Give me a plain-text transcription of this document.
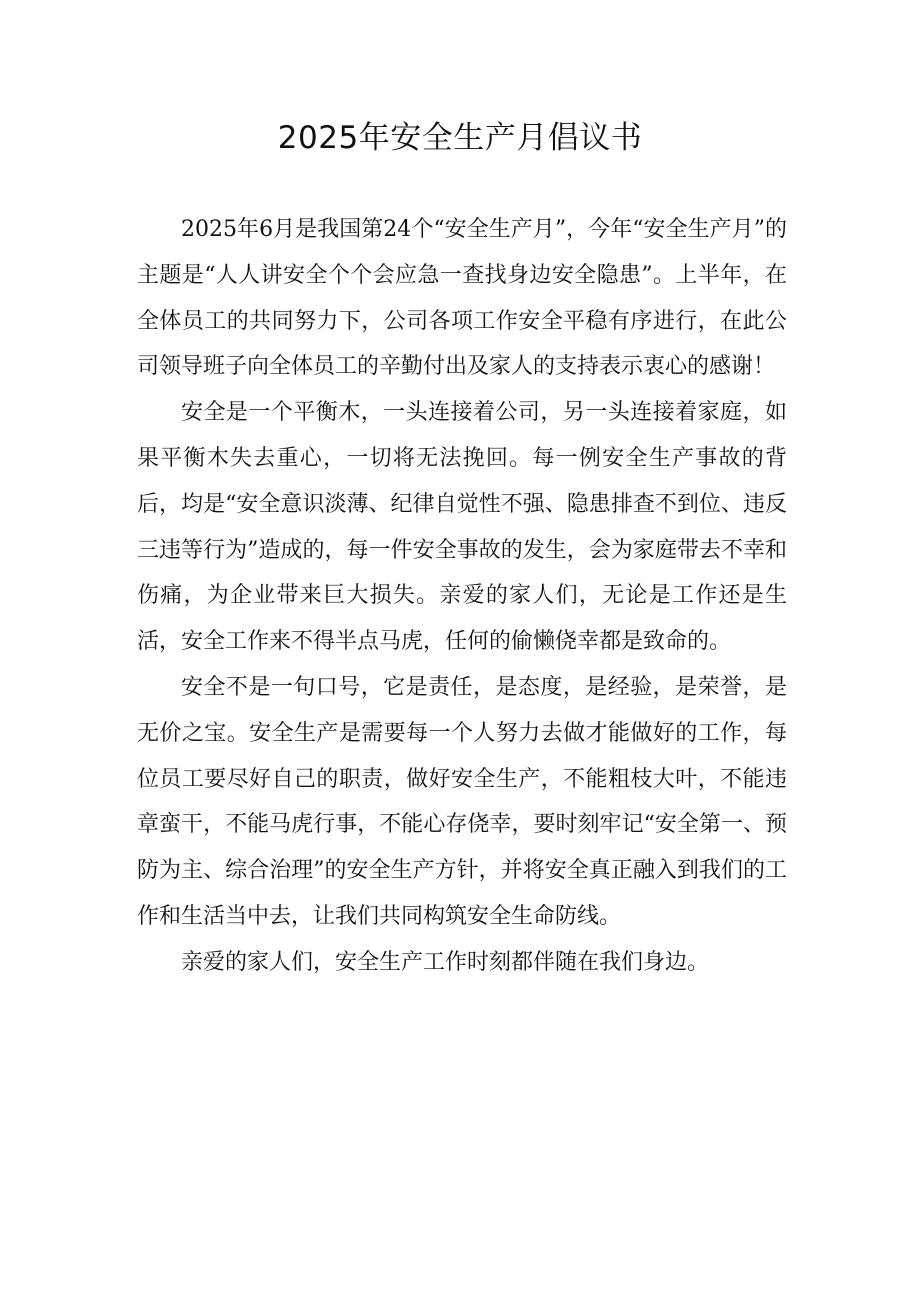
2025年安全生产月倡议书

2025年6月是我国第24个“安全生产月”，今年“安全生产月”的主题是“人人讲安全个个会应急一查找身边安全隐患”。上半年，在全体员工的共同努力下，公司各项工作安全平稳有序进行，在此公司领导班子向全体员工的辛勤付出及家人的支持表示衷心的感谢！

安全是一个平衡木，一头连接着公司，另一头连接着家庭，如果平衡木失去重心，一切将无法挽回。每一例安全生产事故的背后，均是“安全意识淡薄、纪律自觉性不强、隐患排查不到位、违反三违等行为”造成的，每一件安全事故的发生，会为家庭带去不幸和伤痛，为企业带来巨大损失。亲爱的家人们，无论是工作还是生活，安全工作来不得半点马虎，任何的偷懒侥幸都是致命的。

安全不是一句口号，它是责任，是态度，是经验，是荣誉，是无价之宝。安全生产是需要每一个人努力去做才能做好的工作，每位员工要尽好自己的职责，做好安全生产，不能粗枝大叶，不能违章蛮干，不能马虎行事，不能心存侥幸，要时刻牢记“安全第一、预防为主、综合治理”的安全生产方针，并将安全真正融入到我们的工作和生活当中去，让我们共同构筑安全生命防线。

亲爱的家人们，安全生产工作时刻都伴随在我们身边。
